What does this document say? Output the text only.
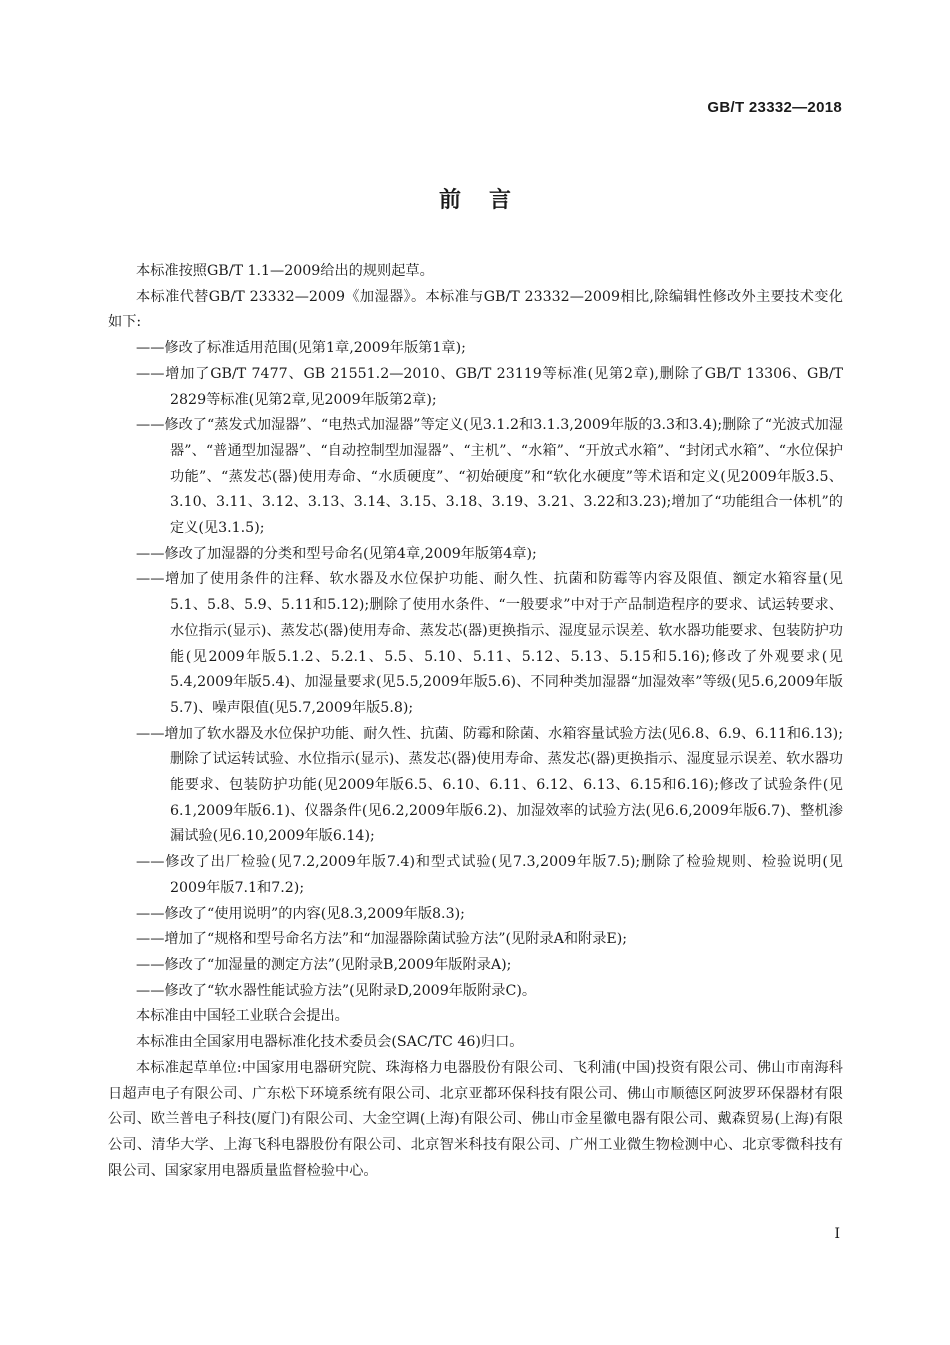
GB/T 23332—2018
前言

本标准按照GB/T 1.1—2009给出的规则起草。

本标准代替GB/T 23332—2009《加湿器》。本标准与GB/T 23332—2009相比,除编辑性修改外主要技术变化如下:

——修改了标准适用范围(见第1章,2009年版第1章);

——增加了GB/T 7477、GB 21551.2—2010、GB/T 23119等标准(见第2章),删除了GB/T 13306、GB/T 2829等标准(见第2章,见2009年版第2章);

——修改了“蒸发式加湿器”、“电热式加湿器”等定义(见3.1.2和3.1.3,2009年版的3.3和3.4);删除了“光波式加湿器”、“普通型加湿器”、“自动控制型加湿器”、“主机”、“水箱”、“开放式水箱”、“封闭式水箱”、“水位保护功能”、“蒸发芯(器)使用寿命、“水质硬度”、“初始硬度”和“软化水硬度”等术语和定义(见2009年版3.5、3.10、3.11、3.12、3.13、3.14、3.15、3.18、3.19、3.21、3.22和3.23);增加了“功能组合一体机”的定义(见3.1.5);

——修改了加湿器的分类和型号命名(见第4章,2009年版第4章);

——增加了使用条件的注释、软水器及水位保护功能、耐久性、抗菌和防霉等内容及限值、额定水箱容量(见5.1、5.8、5.9、5.11和5.12);删除了使用水条件、“一般要求”中对于产品制造程序的要求、试运转要求、水位指示(显示)、蒸发芯(器)使用寿命、蒸发芯(器)更换指示、湿度显示误差、软水器功能要求、包装防护功能(见2009年版5.1.2、5.2.1、5.5、5.10、5.11、5.12、5.13、5.15和5.16);修改了外观要求(见5.4,2009年版5.4)、加湿量要求(见5.5,2009年版5.6)、不同种类加湿器“加湿效率”等级(见5.6,2009年版5.7)、噪声限值(见5.7,2009年版5.8);

——增加了软水器及水位保护功能、耐久性、抗菌、防霉和除菌、水箱容量试验方法(见6.8、6.9、6.11和6.13);删除了试运转试验、水位指示(显示)、蒸发芯(器)使用寿命、蒸发芯(器)更换指示、湿度显示误差、软水器功能要求、包装防护功能(见2009年版6.5、6.10、6.11、6.12、6.13、6.15和6.16);修改了试验条件(见6.1,2009年版6.1)、仪器条件(见6.2,2009年版6.2)、加湿效率的试验方法(见6.6,2009年版6.7)、整机渗漏试验(见6.10,2009年版6.14);

——修改了出厂检验(见7.2,2009年版7.4)和型式试验(见7.3,2009年版7.5);删除了检验规则、检验说明(见2009年版7.1和7.2);

——修改了“使用说明”的内容(见8.3,2009年版8.3);

——增加了“规格和型号命名方法”和“加湿器除菌试验方法”(见附录A和附录E);

——修改了“加湿量的测定方法”(见附录B,2009年版附录A);

——修改了“软水器性能试验方法”(见附录D,2009年版附录C)。

本标准由中国轻工业联合会提出。

本标准由全国家用电器标准化技术委员会(SAC/TC 46)归口。

本标准起草单位:中国家用电器研究院、珠海格力电器股份有限公司、飞利浦(中国)投资有限公司、佛山市南海科日超声电子有限公司、广东松下环境系统有限公司、北京亚都环保科技有限公司、佛山市顺德区阿波罗环保器材有限公司、欧兰普电子科技(厦门)有限公司、大金空调(上海)有限公司、佛山市金星徽电器有限公司、戴森贸易(上海)有限公司、清华大学、上海飞科电器股份有限公司、北京智米科技有限公司、广州工业微生物检测中心、北京零微科技有限公司、国家家用电器质量监督检验中心。

I
